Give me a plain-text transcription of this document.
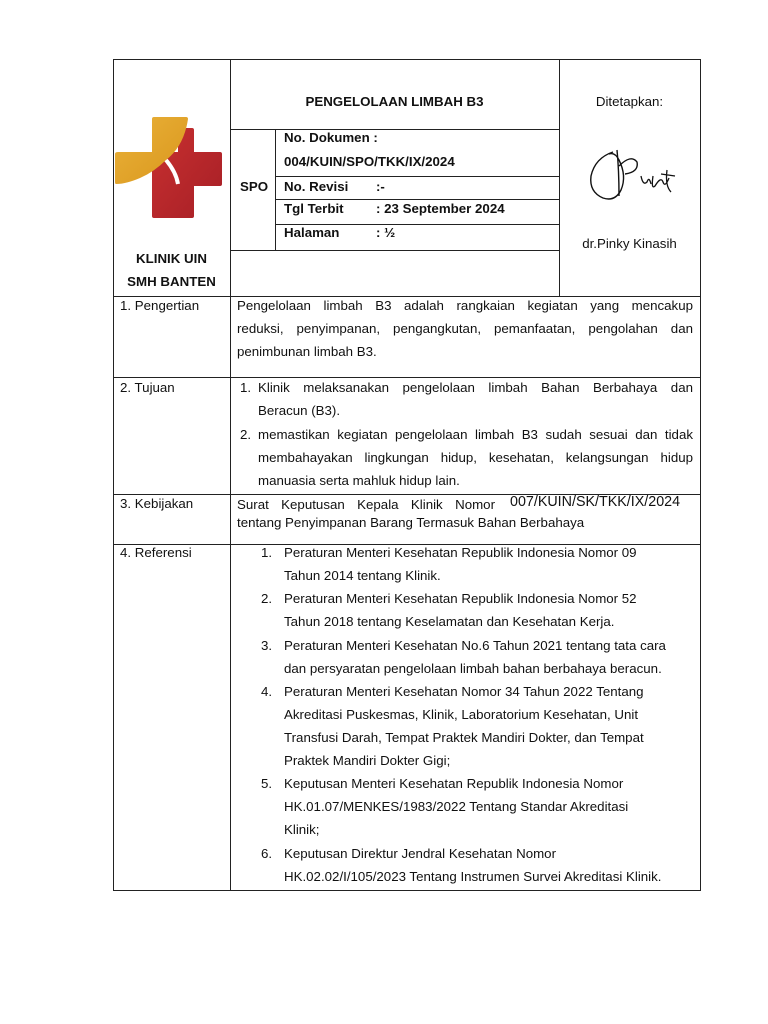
PENGELOLAAN LIMBAH B3	Ditetapkan:
dr.Pinky Kinasih
SPO
No. Dokumen :
004/KUIN/SPO/TKK/IX/2024
No. Revisi :-
Tgl Terbit : 23 September 2024
Halaman	: ½
KLINIK UIN
SMH BANTEN
1. Pengertian	Pengelolaan limbah B3 adalah rangkaian kegiatan yang mencakup
reduksi, penyimpanan, pengangkutan, pemanfaatan, pengolahan dan
penimbunan limbah B3.
2. Tujuan	1. Klinik melaksanakan pengelolaan limbah Bahan Berbahaya dan
Beracun (B3).
2. memastikan kegiatan pengelolaan limbah B3 sudah sesuai dan tidak
membahayakan lingkungan hidup, kesehatan, kelangsungan hidup
manuasia serta mahluk hidup lain.
3. Kebijakan	Surat Keputusan Kepala Klinik Nomor 007/KUIN/SK/TKK/IX/2024
tentang Penyimpanan Barang Termasuk Bahan Berbahaya
4. Referensi	1. Peraturan Menteri Kesehatan Republik Indonesia Nomor 09
Tahun 2014 tentang Klinik.
2. Peraturan Menteri Kesehatan Republik Indonesia Nomor 52
Tahun 2018 tentang Keselamatan dan Kesehatan Kerja.
3. Peraturan Menteri Kesehatan No.6 Tahun 2021 tentang tata cara
dan persyaratan pengelolaan limbah bahan berbahaya beracun.
4. Peraturan Menteri Kesehatan Nomor 34 Tahun 2022 Tentang
Akreditasi Puskesmas, Klinik, Laboratorium Kesehatan, Unit
Transfusi Darah, Tempat Praktek Mandiri Dokter, dan Tempat
Praktek Mandiri Dokter Gigi;
5. Keputusan Menteri Kesehatan Republik Indonesia Nomor
HK.01.07/MENKES/1983/2022 Tentang Standar Akreditasi
Klinik;
6. Keputusan Direktur Jendral Kesehatan Nomor
HK.02.02/I/105/2023 Tentang Instrumen Survei Akreditasi Klinik.
